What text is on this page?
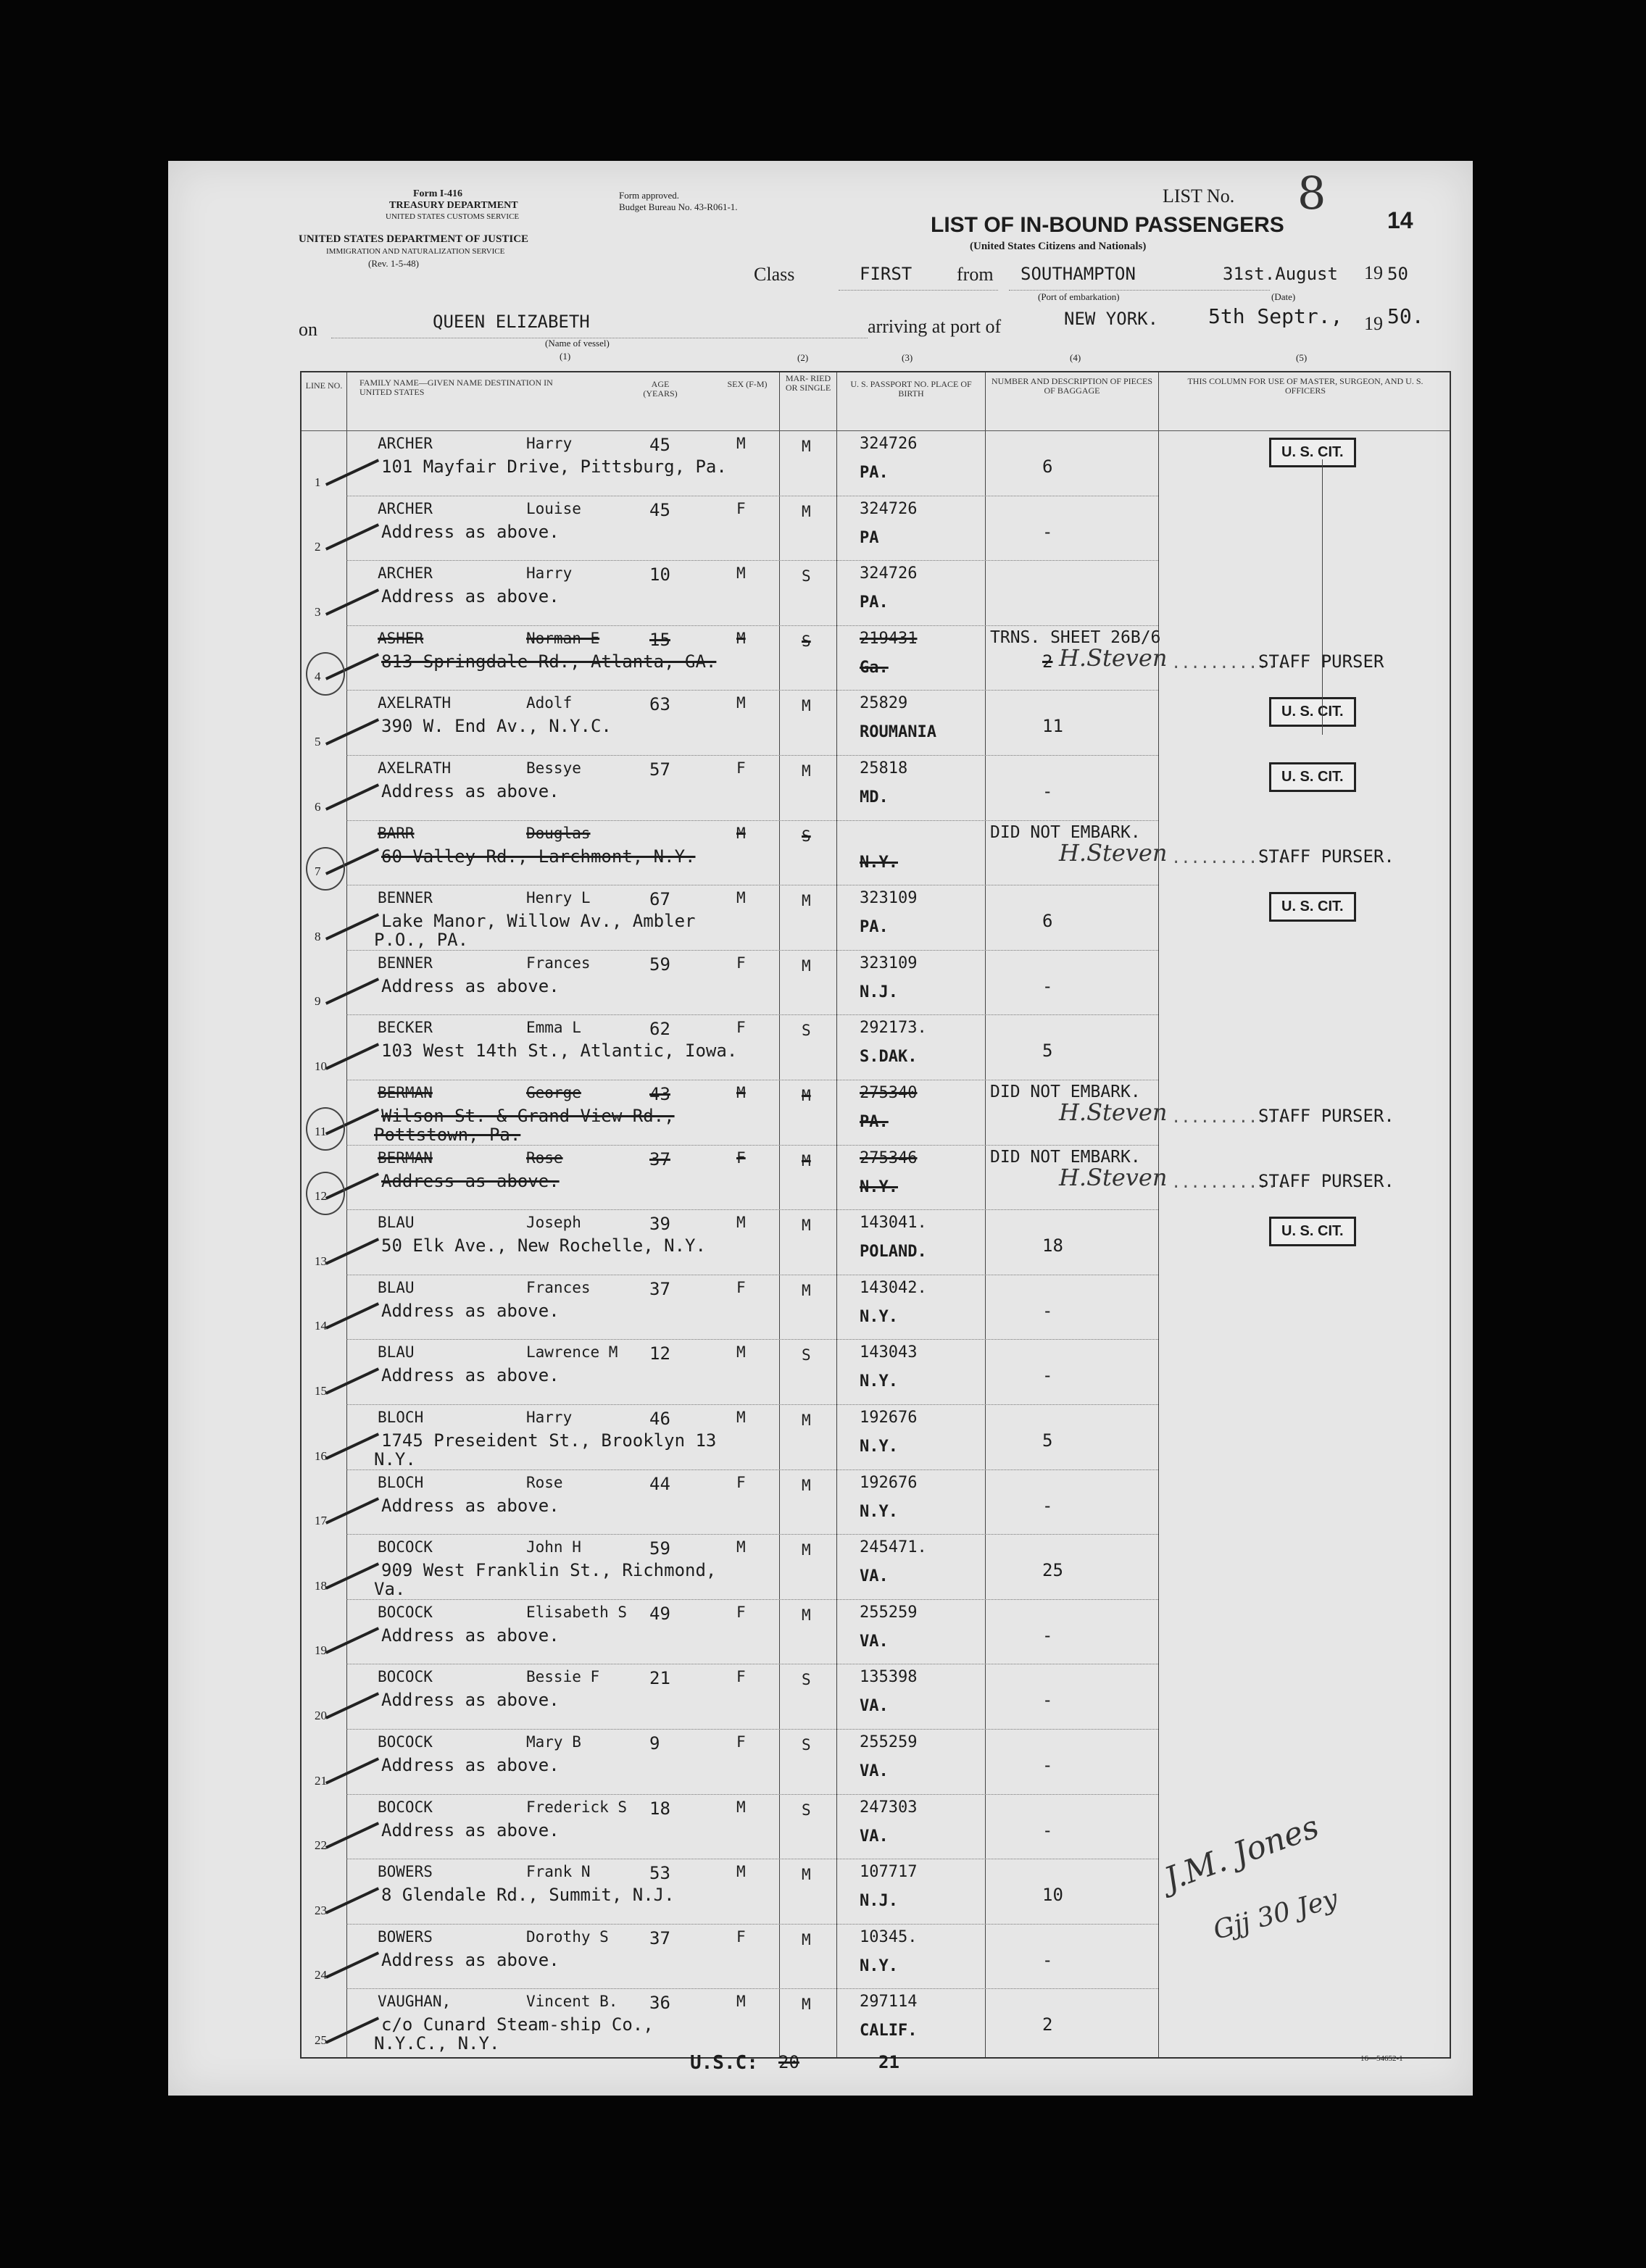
Form I-416
TREASURY DEPARTMENT
UNITED STATES CUSTOMS SERVICE
Form approved.
Budget Bureau No. 43-R061-1.
UNITED STATES DEPARTMENT OF JUSTICE
IMMIGRATION AND NATURALIZATION SERVICE
(Rev. 1-5-48)
LIST OF IN-BOUND PASSENGERS
(United States Citizens and Nationals)
LIST No. 8
14
Class	FIRST from SOUTHAMPTON
(Port of embarkation)
31st.August
(Date)
19 50
on	QUEEN ELIZABETH
(Name of vessel)
(1)
arriving at port of	NEW YORK. 5th Septr., 19 50.
(2)	(3)	(4)	(5)
LINE NO.	FAMILY NAME—GIVEN NAME DESTINATION IN UNITED STATES
AGE (YEARS)
SEX (F-M)
MAR- RIED OR SINGLE	U. S. PASSPORT NO. PLACE OF BIRTH
NUMBER AND DESCRIPTION OF PIECES OF BAGGAGE
THIS COLUMN FOR USE OF MASTER, SURGEON, AND U. S. OFFICERS
1
ARCHER	Harry	45	M	M
101 Mayfair Drive, Pittsburg, Pa.
324726
PA.	6
U. S. CIT.
2
ARCHER	Louise	45	F	M
Address as above.
324726
PA	-
3
ARCHER	Harry	10	M	S
Address as above.
324726
PA.
4
ASHER	Norman E	15	M	S
813 Springdale Rd., Atlanta, GA.
219431
Ga.	2
TRNS. SHEET 26B/6
H.Steven ............
STAFF PURSER
5
AXELRATH	Adolf	63	M	M
390 W. End Av., N.Y.C.
25829
ROUMANIA	11
U. S. CIT.
6
AXELRATH	Bessye	57	F	M
Address as above.
25818
MD.	-
U. S. CIT.
7
BARR	Douglas	M	S
60 Valley Rd., Larchmont, N.Y.	N.Y.
DID NOT EMBARK.
H.Steven ............
STAFF PURSER.
8
BENNER	Henry L	67	M	M
Lake Manor, Willow Av., Ambler
P.O., PA.
323109
PA.	6
U. S. CIT.
9
BENNER	Frances	59	F	M
Address as above.
323109
N.J.	-
10
BECKER	Emma L	62	F	S
103 West 14th St., Atlantic, Iowa.
292173.
S.DAK.	5
11
BERMAN	George	43	M	M
Wilson St. & Grand View Rd.,
Pottstown, Pa.
275340
PA.
DID NOT EMBARK.
H.Steven ............
STAFF PURSER.
12
BERMAN	Rose	37	F	M
Address as above.
275346
N.Y.
DID NOT EMBARK.
H.Steven ............
STAFF PURSER.
13
BLAU	Joseph	39	M	M
50 Elk Ave., New Rochelle, N.Y.
143041.
POLAND.	18
U. S. CIT.
14
BLAU	Frances	37	F	M
Address as above.
143042.
N.Y.	-
15
BLAU	Lawrence M 12	M	S
Address as above.
143043
N.Y.	-
16
BLOCH	Harry	46	M	M
1745 Preseident St., Brooklyn 13
N.Y.
192676
N.Y.	5
17
BLOCH	Rose	44	F	M
Address as above.
192676
N.Y.	-
18
BOCOCK	John H	59	M	M
909 West Franklin St., Richmond,
Va.
245471.
VA.	25
19
BOCOCK	Elisabeth S 49	F	M
Address as above.
255259
VA.	-
20
BOCOCK	Bessie F	21	F	S
Address as above.
135398
VA.	-
21
BOCOCK	Mary B	9	F	S
Address as above.
255259
VA.	-
22
BOCOCK	Frederick S 18	M	S
Address as above.
247303
VA.	-
23
BOWERS	Frank N	53	M	M
8 Glendale Rd., Summit, N.J.
107717
N.J.	10
24
BOWERS	Dorothy S 37	F	M
Address as above.
10345.
N.Y.	-
25
VAUGHAN,	Vincent B. 36	M	M
c/o Cunard Steam-ship Co.,
N.Y.C., N.Y.
297114
CALIF.	2
J.M. Jones
Gjj 30 Jey
U.S.C: 20	21	16—54652-1
